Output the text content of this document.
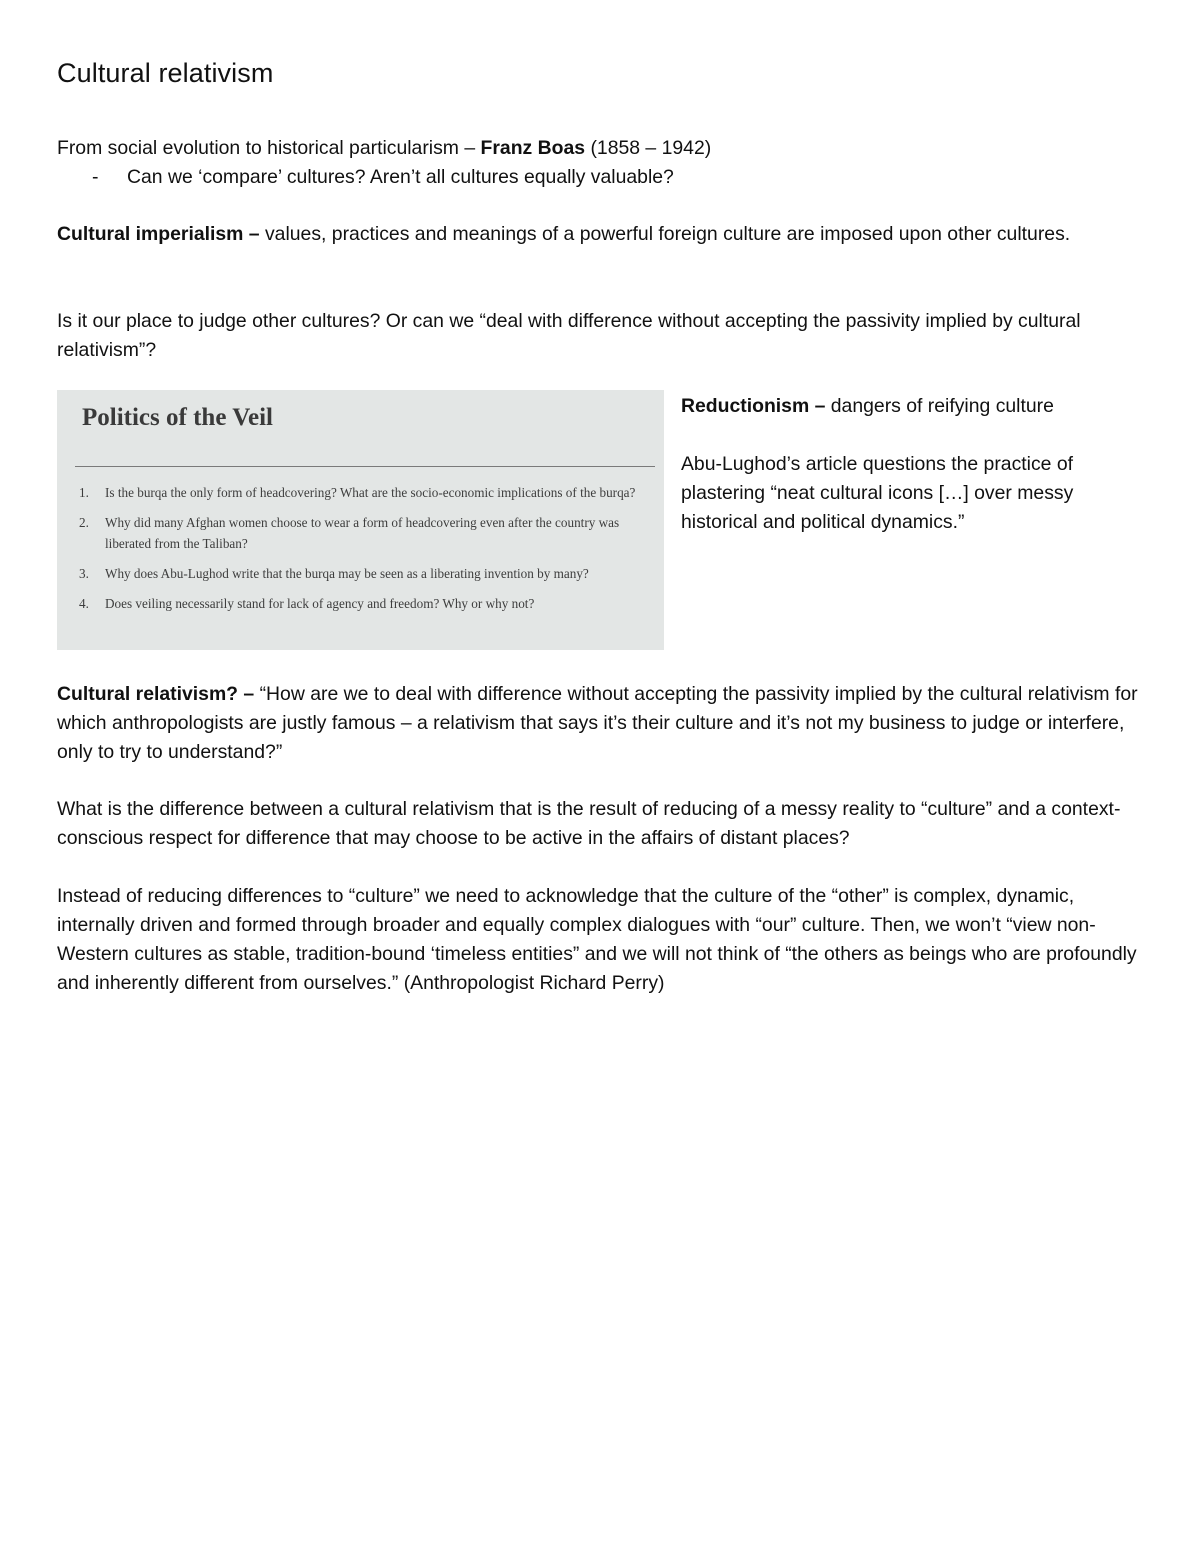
Cultural relativism

From social evolution to historical particularism – Franz Boas (1858 – 1942)

- Can we ‘compare’ cultures? Aren’t all cultures equally valuable?

Cultural imperialism – values, practices and meanings of a powerful foreign culture are imposed upon other cultures.

Is it our place to judge other cultures? Or can we “deal with difference without accepting the passivity implied by cultural relativism”?

Politics of the Veil
1. Is the burqa the only form of headcovering? What are the socio-economic implications of the burqa?
2. Why did many Afghan women choose to wear a form of headcovering even after the country was liberated from the Taliban?
3. Why does Abu-Lughod write that the burqa may be seen as a liberating invention by many?
4. Does veiling necessarily stand for lack of agency and freedom? Why or why not?

Reductionism – dangers of reifying culture

Abu-Lughod’s article questions the practice of plastering “neat cultural icons […] over messy historical and political dynamics.”

Cultural relativism? – “How are we to deal with difference without accepting the passivity implied by the cultural relativism for which anthropologists are justly famous – a relativism that says it’s their culture and it’s not my business to judge or interfere, only to try to understand?”

What is the difference between a cultural relativism that is the result of reducing of a messy reality to “culture” and a context-conscious respect for difference that may choose to be active in the affairs of distant places?

Instead of reducing differences to “culture” we need to acknowledge that the culture of the “other” is complex, dynamic, internally driven and formed through broader and equally complex dialogues with “our” culture. Then, we won’t “view non-Western cultures as stable, tradition-bound ‘timeless entities” and we will not think of “the others as beings who are profoundly and inherently different from ourselves.” (Anthropologist Richard Perry)
